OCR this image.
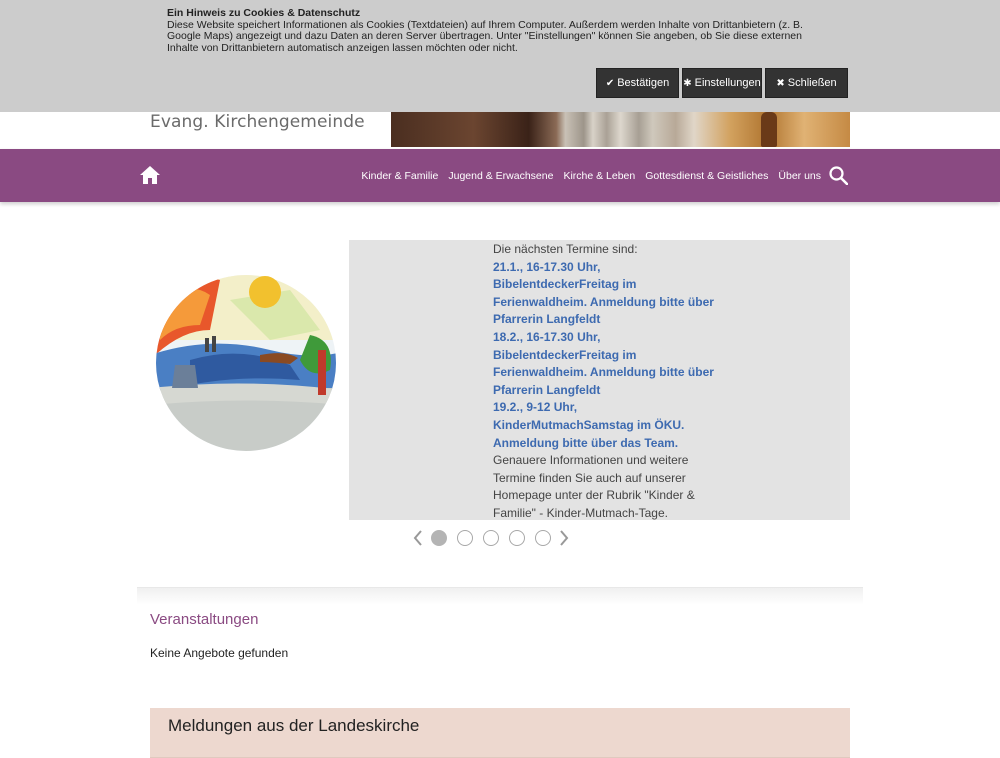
Ein Hinweis zu Cookies & Datenschutz
Diese Website speichert Informationen als Cookies (Textdateien) auf Ihrem Computer. Außerdem werden Inhalte von Drittanbietern (z. B. Google Maps) angezeigt und dazu Daten an deren Server übertragen. Unter "Einstellungen" können Sie angeben, ob Sie diese externen Inhalte von Drittanbietern automatisch anzeigen lassen möchten oder nicht.
✔ Bestätigen ✱ Einstellungen ✖ Schließen
Evang. Kirchengemeinde
Kinder & Familie Jugend & Erwachsene Kirche & Leben Gottesdienst & Geistliches Über uns
Die nächsten Termine sind:
21.1., 16-17.30 Uhr, BibelentdeckerFreitag im Ferienwaldheim. Anmeldung bitte über Pfarrerin Langfeldt
18.2., 16-17.30 Uhr, BibelentdeckerFreitag im Ferienwaldheim. Anmeldung bitte über Pfarrerin Langfeldt
19.2., 9-12 Uhr, KinderMutmachSamstag im ÖKU. Anmeldung bitte über das Team.
Genauere Informationen und weitere Termine finden Sie auch auf unserer Homepage unter der Rubrik "Kinder & Familie" - Kinder-Mutmach-Tage.
Veranstaltungen
Keine Angebote gefunden
Meldungen aus der Landeskirche
